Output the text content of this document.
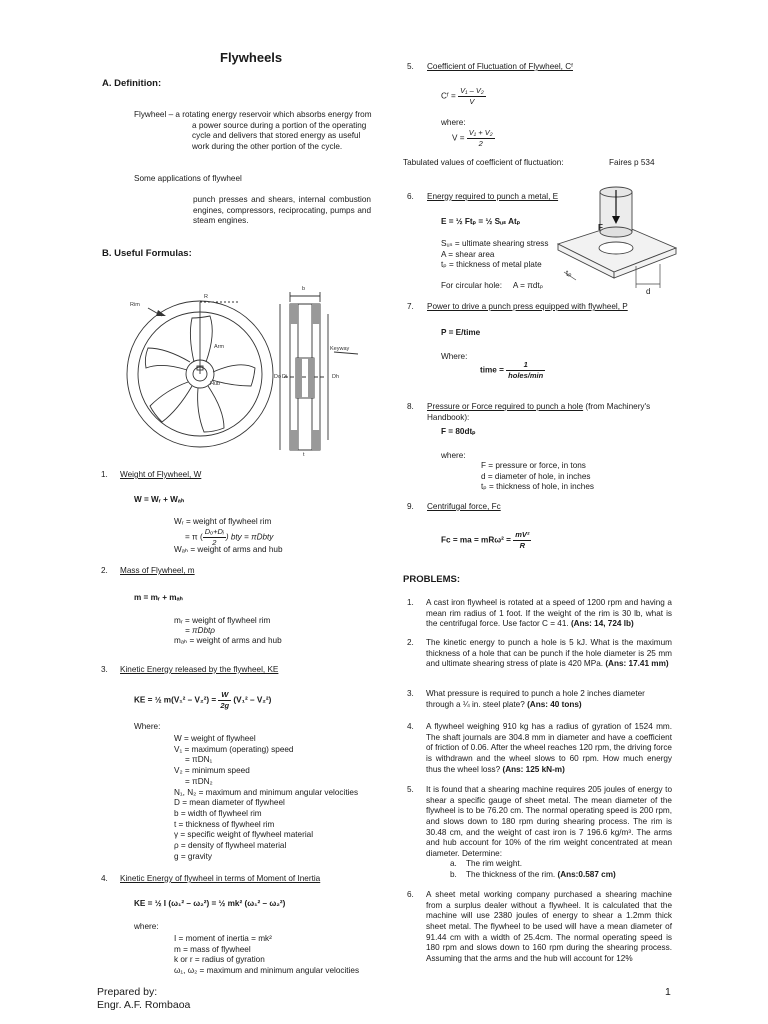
Flywheels
A. Definition:
Flywheel – a rotating energy reservoir which absorbs energy from a power source during a portion of the operating cycle and delivers that stored energy as useful work during the other portion of the cycle.
Some applications of flywheel
punch presses and shears, internal combustion engines, compressors, reciprocating, pumps and steam engines.
B. Useful Formulas:
Rim
R
Arm
Hub
b
Keyway
Do Di	Dh
t
1. Weight of Flywheel, W
W = Wᵣ + Wₐₕ
Wᵣ = weight of flywheel rim
= π ( $\frac{\text{Dₒ+Dᵢ}}{2}$ ) bty = πDbty
Wₐₕ = weight of arms and hub
2. Mass of Flywheel, m
m = mᵣ + mₐₕ
mᵣ = weight of flywheel rim
= πDbtρ
mₐₕ = weight of arms and hub
3. Kinetic Energy released by the flywheel, KE
KE = ½ $m(V_1^2 - V_2^2) = \frac{W}{2g} (V_1^2 - V_2^2)$
Where:
W = weight of flywheel
V₁ = maximum (operating) speed
= πDN₁
V₂ = minimum speed
= πDN₂
N₁, N₂ = maximum and minimum angular velocities
D = mean diameter of flywheel
b = width of flywheel rim
t = thickness of flywheel rim
γ = specific weight of flywheel material
ρ = density of flywheel material
g = gravity
4. Kinetic Energy of flywheel in terms of Moment of Inertia
KE = ½ I (ω₁² – ω₂²) = ½ mk² (ω₁² – ω₂²)
where:
I = moment of inertia = mk²
m = mass of flywheel
k or r = radius of gyration
ω₁, ω₂ = maximum and minimum angular velocities
Prepared by:
Engr. A.F. Rombaoa
1
5. Coefficient of Fluctuation of Flywheel, Cᶠ
Cᶠ = $\frac{\text{V₁ – V₂}}{V}$
where:
$V = \frac{\text{V₁ + V₂}}{2}$
Tabulated values of coefficient of fluctuation:	Faires p 534
6. Energy required to punch a metal, E
E = ½ Ftₚ = ½ Sᵤₛ Atₚ
Sᵤₛ = ultimate shearing stress
A = shear area
tₚ = thickness of metal plate
For circular hole:     A = πdtₚ
F
tₚ
d
7. Power to drive a punch press equipped with flywheel, P
P = E/time
Where:
time = $\frac{1}{\text{holes/min}}$
8. Pressure or Force required to punch a hole (from Machinery's Handbook):
F = 80dtₚ
where:
F = pressure or force, in tons
d = diameter of hole, in inches
tₚ = thickness of hole, in inches
9. Centrifugal force, Fc
Fc = ma = $mR\omega^2 = \frac{\text{mV²}}{R}$
PROBLEMS:
1. A cast iron flywheel is rotated at a speed of 1200 rpm and having a mean rim radius of 1 foot. If the weight of the rim is 30 lb, what is the centrifugal force. Use factor C = 41. (Ans: 14, 724 lb)
2. The kinetic energy to punch a hole is 5 kJ. What is the maximum thickness of a hole that can be punch if the hole diameter is 25 mm and ultimate shearing stress of plate is 420 MPa. (Ans: 17.41 mm)
3. What pressure is required to punch a hole 2 inches diameter through a ¼ in. steel plate? (Ans: 40 tons)
4. A flywheel weighing 910 kg has a radius of gyration of 1524 mm. The shaft journals are 304.8 mm in diameter and have a coefficient of friction of 0.06. After the wheel reaches 120 rpm, the driving force is withdrawn and the wheel slows to 60 rpm. How much energy thus the wheel loss? (Ans: 125 kN-m)
5. It is found that a shearing machine requires 205 joules of energy to shear a specific gauge of sheet metal. The mean diameter of the flywheel is to be 76.20 cm. The normal operating speed is 200 rpm, and slows down to 180 rpm during shearing process. The rim is 30.48 cm, and the weight of cast iron is 7 196.6 kg/m³. The arms and hub account for 10% of the rim weight concentrated at mean diameter. Determine:
a. The rim weight.
b. The thickness of the rim. (Ans:0.587 cm)
6. A sheet metal working company purchased a shearing machine from a surplus dealer without a flywheel. It is calculated that the machine will use 2380 joules of energy to shear a 1.2mm thick sheet metal. The flywheel to be used will have a mean diameter of 91.44 cm with a width of 25.4cm. The normal operating speed is 180 rpm and slows down to 160 rpm during the shearing process. Assuming that the arms and the hub will account for 12%
